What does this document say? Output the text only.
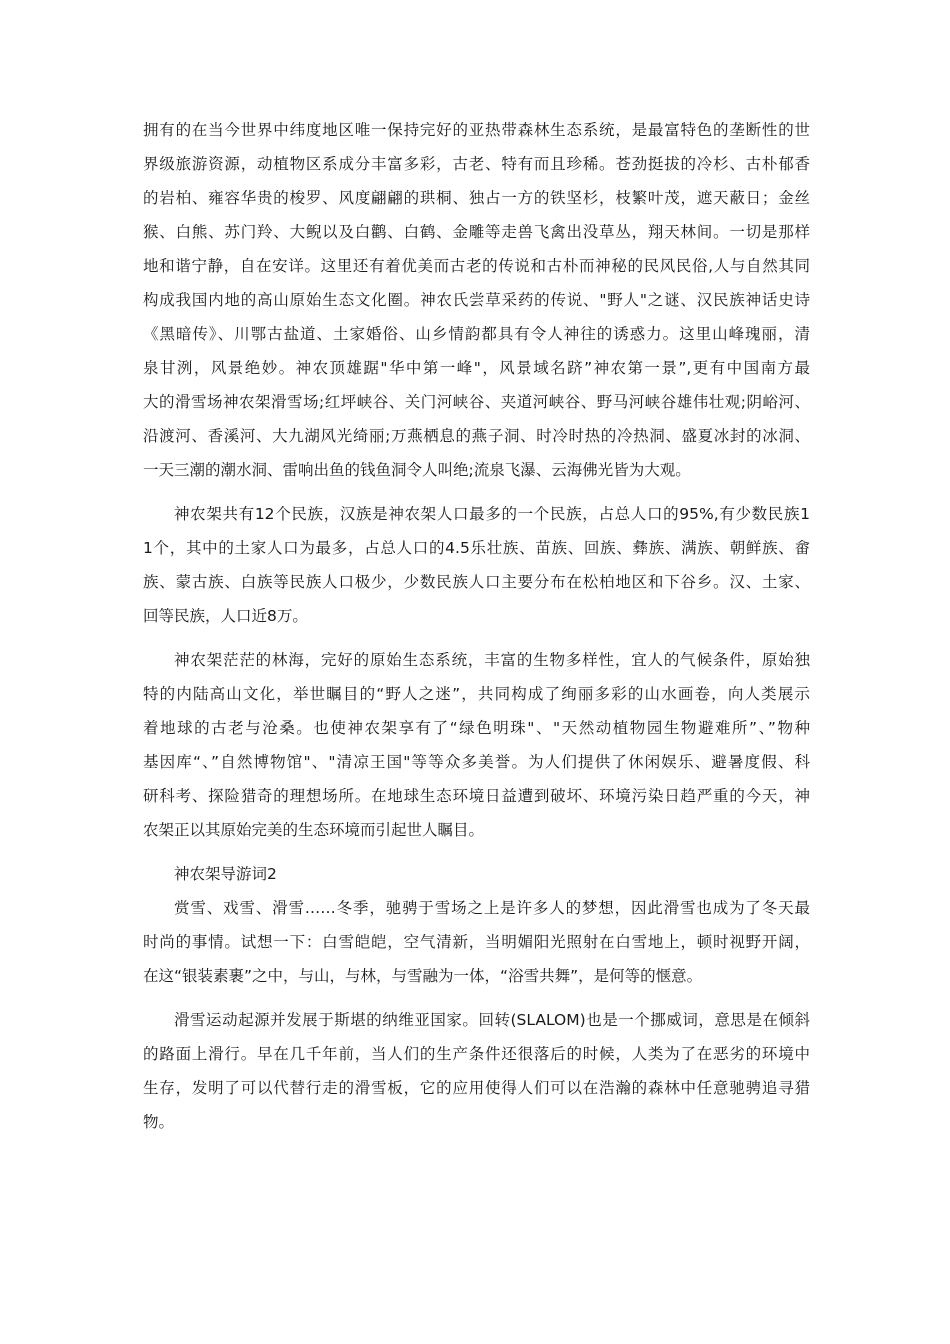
拥有的在当今世界中纬度地区唯一保持完好的亚热带森林生态系统，是最富特色的垄断性的世
界级旅游资源，动植物区系成分丰富多彩，古老、特有而且珍稀。苍劲挺拔的冷杉、古朴郁香
的岩柏、雍容华贵的梭罗、风度翩翩的珙桐、独占一方的铁坚杉，枝繁叶茂，遮天蔽日；金丝
猴、白熊、苏门羚、大鲵以及白鹳、白鹤、金雕等走兽飞禽出没草丛，翔天林间。一切是那样
地和谐宁静，自在安详。这里还有着优美而古老的传说和古朴而神秘的民风民俗,人与自然其同
构成我国内地的高山原始生态文化圈。神农氏尝草采药的传说、"野人"之谜、汉民族神话史诗
《黑暗传》、川鄂古盐道、土家婚俗、山乡情韵都具有令人神往的诱惑力。这里山峰瑰丽，清
泉甘洌，风景绝妙。神农顶雄踞"华中第一峰"，风景域名跻”神农第一景”,更有中国南方最
大的滑雪场神农架滑雪场;红坪峡谷、关门河峡谷、夹道河峡谷、野马河峡谷雄伟壮观;阴峪河、
沿渡河、香溪河、大九湖风光绮丽;万燕栖息的燕子洞、时冷时热的冷热洞、盛夏冰封的冰洞、
一天三潮的潮水洞、雷响出鱼的钱鱼洞令人叫绝;流泉飞瀑、云海佛光皆为大观。
神农架共有12个民族，汉族是神农架人口最多的一个民族，占总人口的95%,有少数民族1
1个，其中的土家人口为最多，占总人口的4.5乐壮族、苗族、回族、彝族、满族、朝鲜族、畲
族、蒙古族、白族等民族人口极少，少数民族人口主要分布在松柏地区和下谷乡。汉、土家、
回等民族，人口近8万。
神农架茫茫的林海，完好的原始生态系统，丰富的生物多样性，宜人的气候条件，原始独
特的内陆高山文化，举世瞩目的“野人之迷”，共同构成了绚丽多彩的山水画卷，向人类展示
着地球的古老与沧桑。也使神农架享有了“绿色明珠"、"天然动植物园生物避难所”、”物种
基因库“、”自然博物馆"、"清凉王国"等等众多美誉。为人们提供了休闲娱乐、避暑度假、科
研科考、探险猎奇的理想场所。在地球生态环境日益遭到破坏、环境污染日趋严重的今天，神
农架正以其原始完美的生态环境而引起世人瞩目。
神农架导游词2
赏雪、戏雪、滑雪……冬季，驰骋于雪场之上是许多人的梦想，因此滑雪也成为了冬天最
时尚的事情。试想一下：白雪皑皑，空气清新，当明媚阳光照射在白雪地上，顿时视野开阔，
在这“银装素裹”之中，与山，与林，与雪融为一体，“浴雪共舞”，是何等的惬意。
滑雪运动起源并发展于斯堪的纳维亚国家。回转(SLALOM)也是一个挪威词，意思是在倾斜
的路面上滑行。早在几千年前，当人们的生产条件还很落后的时候，人类为了在恶劣的环境中
生存，发明了可以代替行走的滑雪板，它的应用使得人们可以在浩瀚的森林中任意驰骋追寻猎
物。
